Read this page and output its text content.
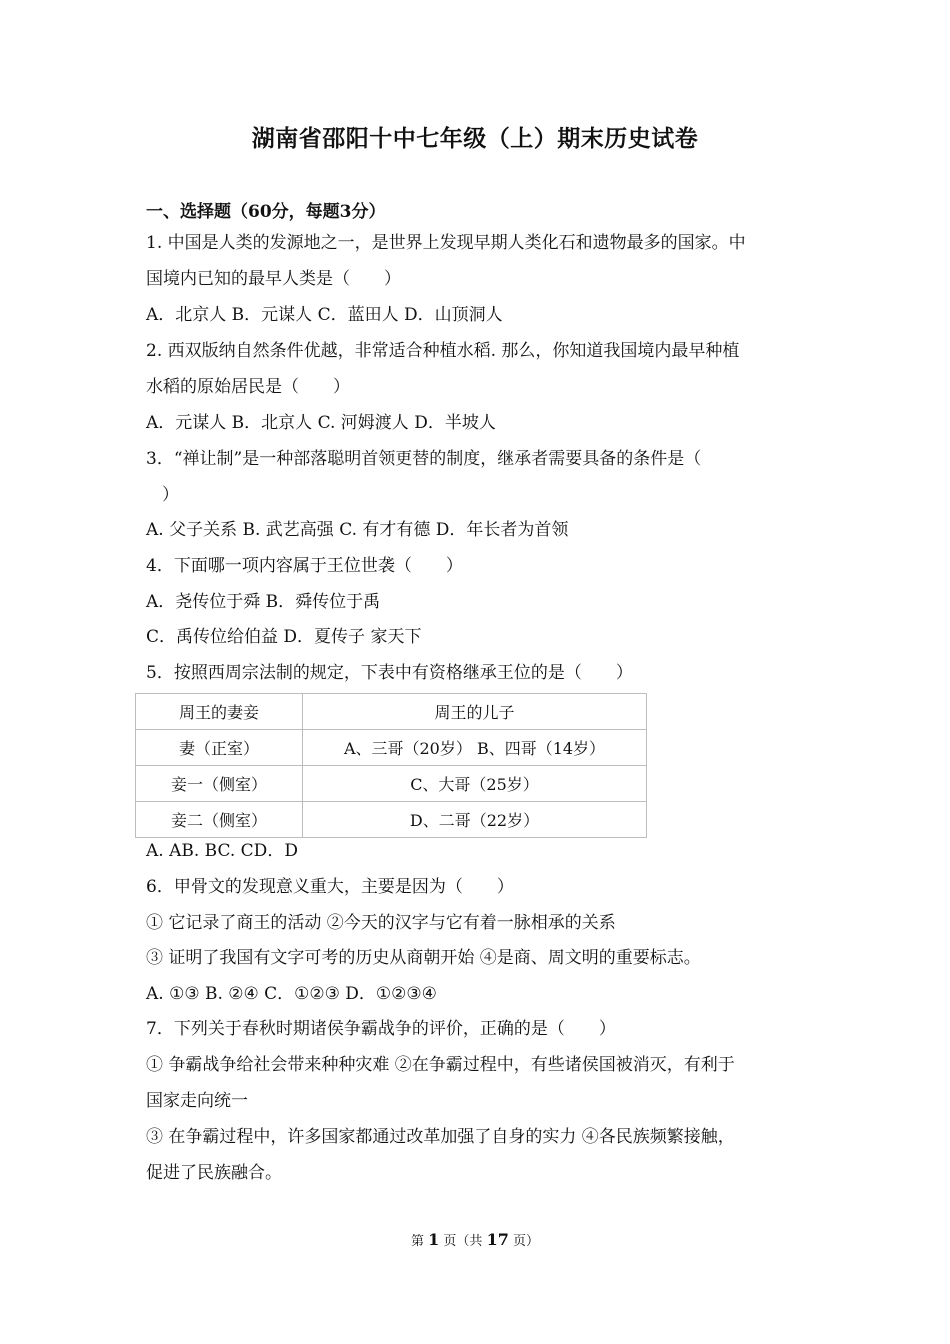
湖南省邵阳十中七年级（上）期末历史试卷
一、选择题（60分，每题3分）
1. 中国是人类的发源地之一，是世界上发现早期人类化石和遗物最多的国家。中
国境内已知的最早人类是（　　）
A．北京人 B．元谋人 C．蓝田人 D．山顶洞人
2. 西双版纳自然条件优越，非常适合种植水稻. 那么，你知道我国境内最早种植
水稻的原始居民是（　　）
A．元谋人 B．北京人 C. 河姆渡人 D．半坡人
3．“禅让制”是一种部落聪明首领更替的制度，继承者需要具备的条件是（
）
A. 父子关系 B. 武艺高强 C. 有才有德 D．年长者为首领
4．下面哪一项内容属于王位世袭（　　）
A．尧传位于舜 B．舜传位于禹
C．禹传位给伯益 D．夏传子 家天下
5．按照西周宗法制的规定，下表中有资格继承王位的是（　　）
周王的妻妾	周王的儿子
妻（正室）	A、三哥（20岁） B、四哥（14岁）
妾一（侧室）	C、大哥（25岁）
妾二（侧室）	D、二哥（22岁）
A. AB. BC. CD．D
6．甲骨文的发现意义重大，主要是因为（　　）
① 它记录了商王的活动 ②今天的汉字与它有着一脉相承的关系
③ 证明了我国有文字可考的历史从商朝开始 ④是商、周文明的重要标志。
A. ①③ B. ②④ C．①②③ D．①②③④
7．下列关于春秋时期诸侯争霸战争的评价，正确的是（　　）
① 争霸战争给社会带来种种灾难 ②在争霸过程中，有些诸侯国被消灭，有利于
国家走向统一
③ 在争霸过程中，许多国家都通过改革加强了自身的实力 ④各民族频繁接触，
促进了民族融合。
第 1 页（共 17 页）
